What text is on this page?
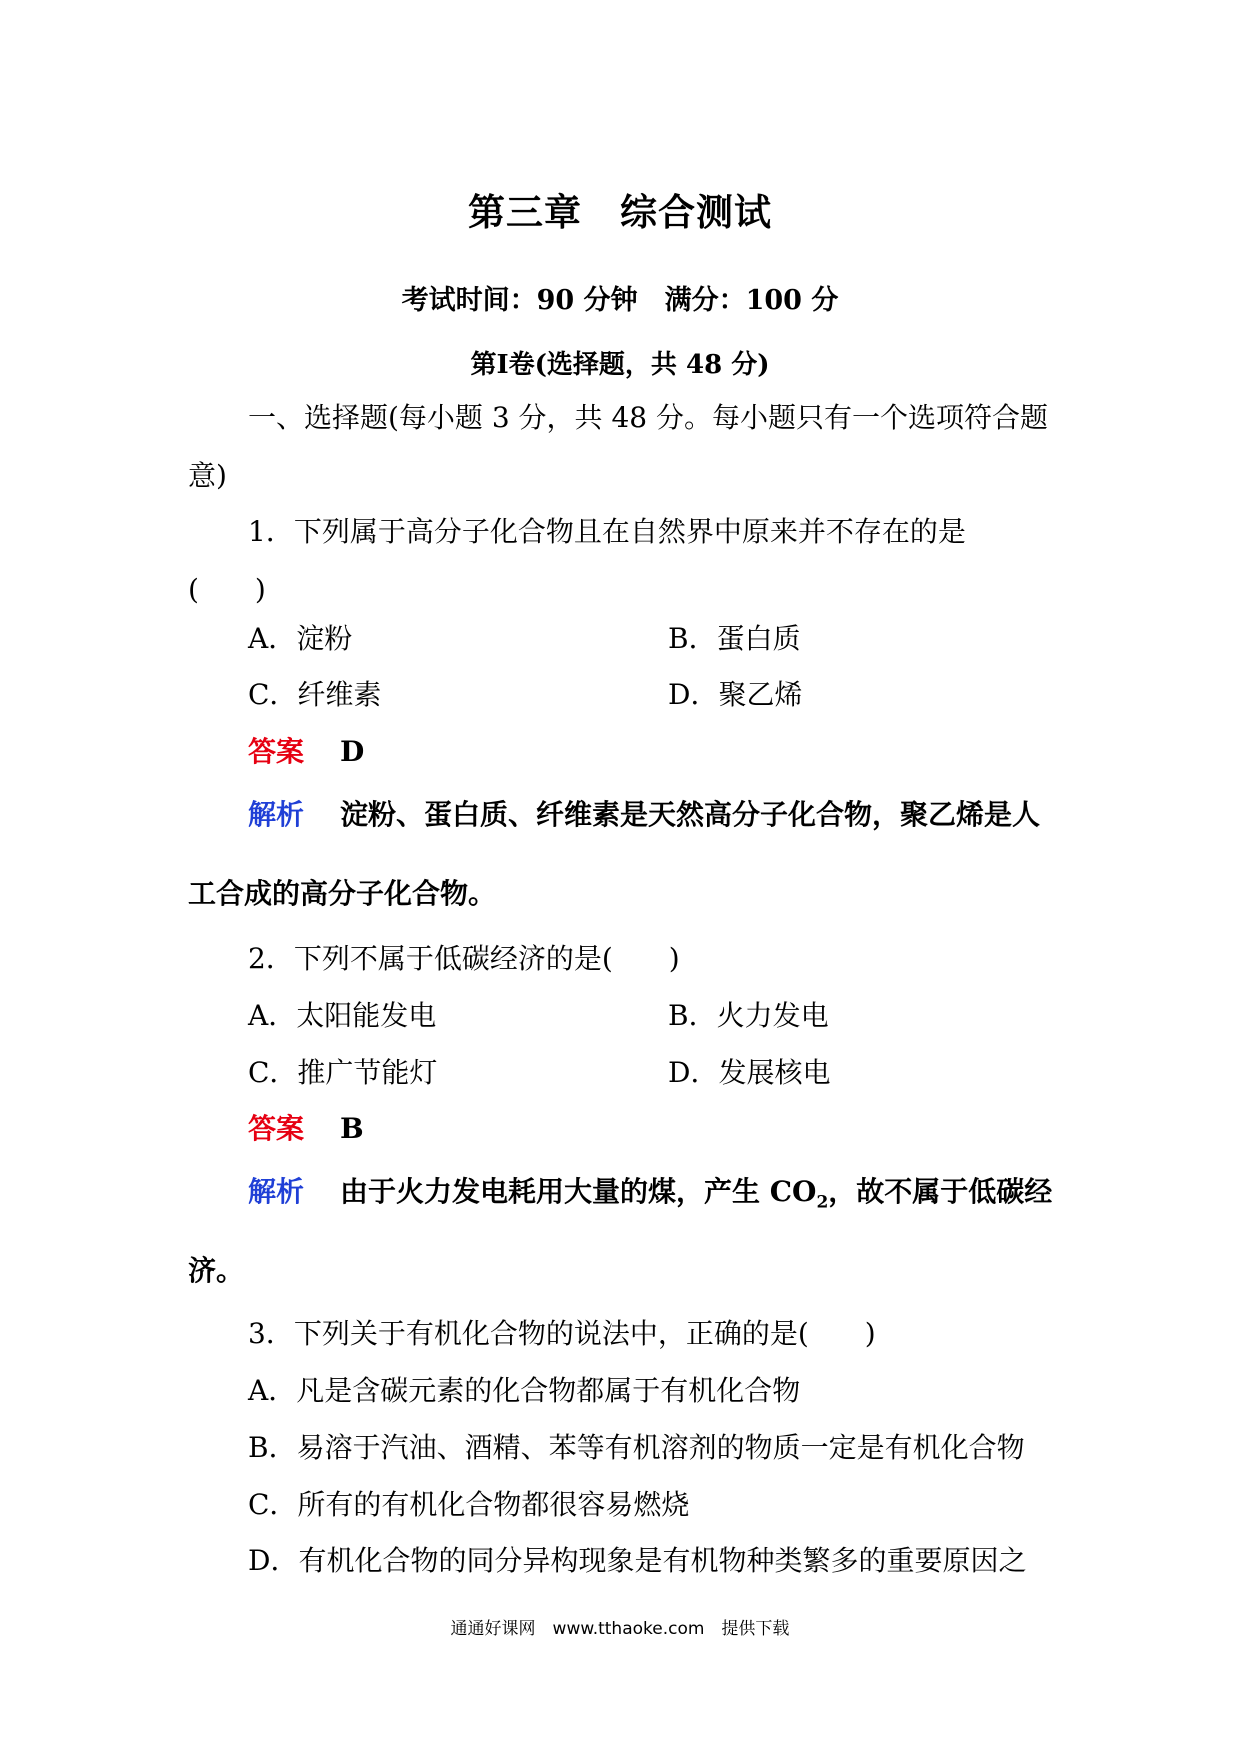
第三章　综合测试
考试时间：90 分钟　满分：100 分
第Ⅰ卷(选择题，共 48 分)
一、选择题(每小题 3 分，共 48 分。每小题只有一个选项符合题
意)
1．下列属于高分子化合物且在自然界中原来并不存在的是
(　　)
A．淀粉	B．蛋白质
C．纤维素	D．聚乙烯
答案 D
解析 淀粉、蛋白质、纤维素是天然高分子化合物，聚乙烯是人
工合成的高分子化合物。
2．下列不属于低碳经济的是(　　)
A．太阳能发电	B．火力发电
C．推广节能灯	D．发展核电
答案 B
解析 由于火力发电耗用大量的煤，产生 $CO_2$，故不属于低碳经
济。
3．下列关于有机化合物的说法中，正确的是(　　)
A．凡是含碳元素的化合物都属于有机化合物
B．易溶于汽油、酒精、苯等有机溶剂的物质一定是有机化合物
C．所有的有机化合物都很容易燃烧
D．有机化合物的同分异构现象是有机物种类繁多的重要原因之
通通好课网　www.tthaoke.com　提供下载
